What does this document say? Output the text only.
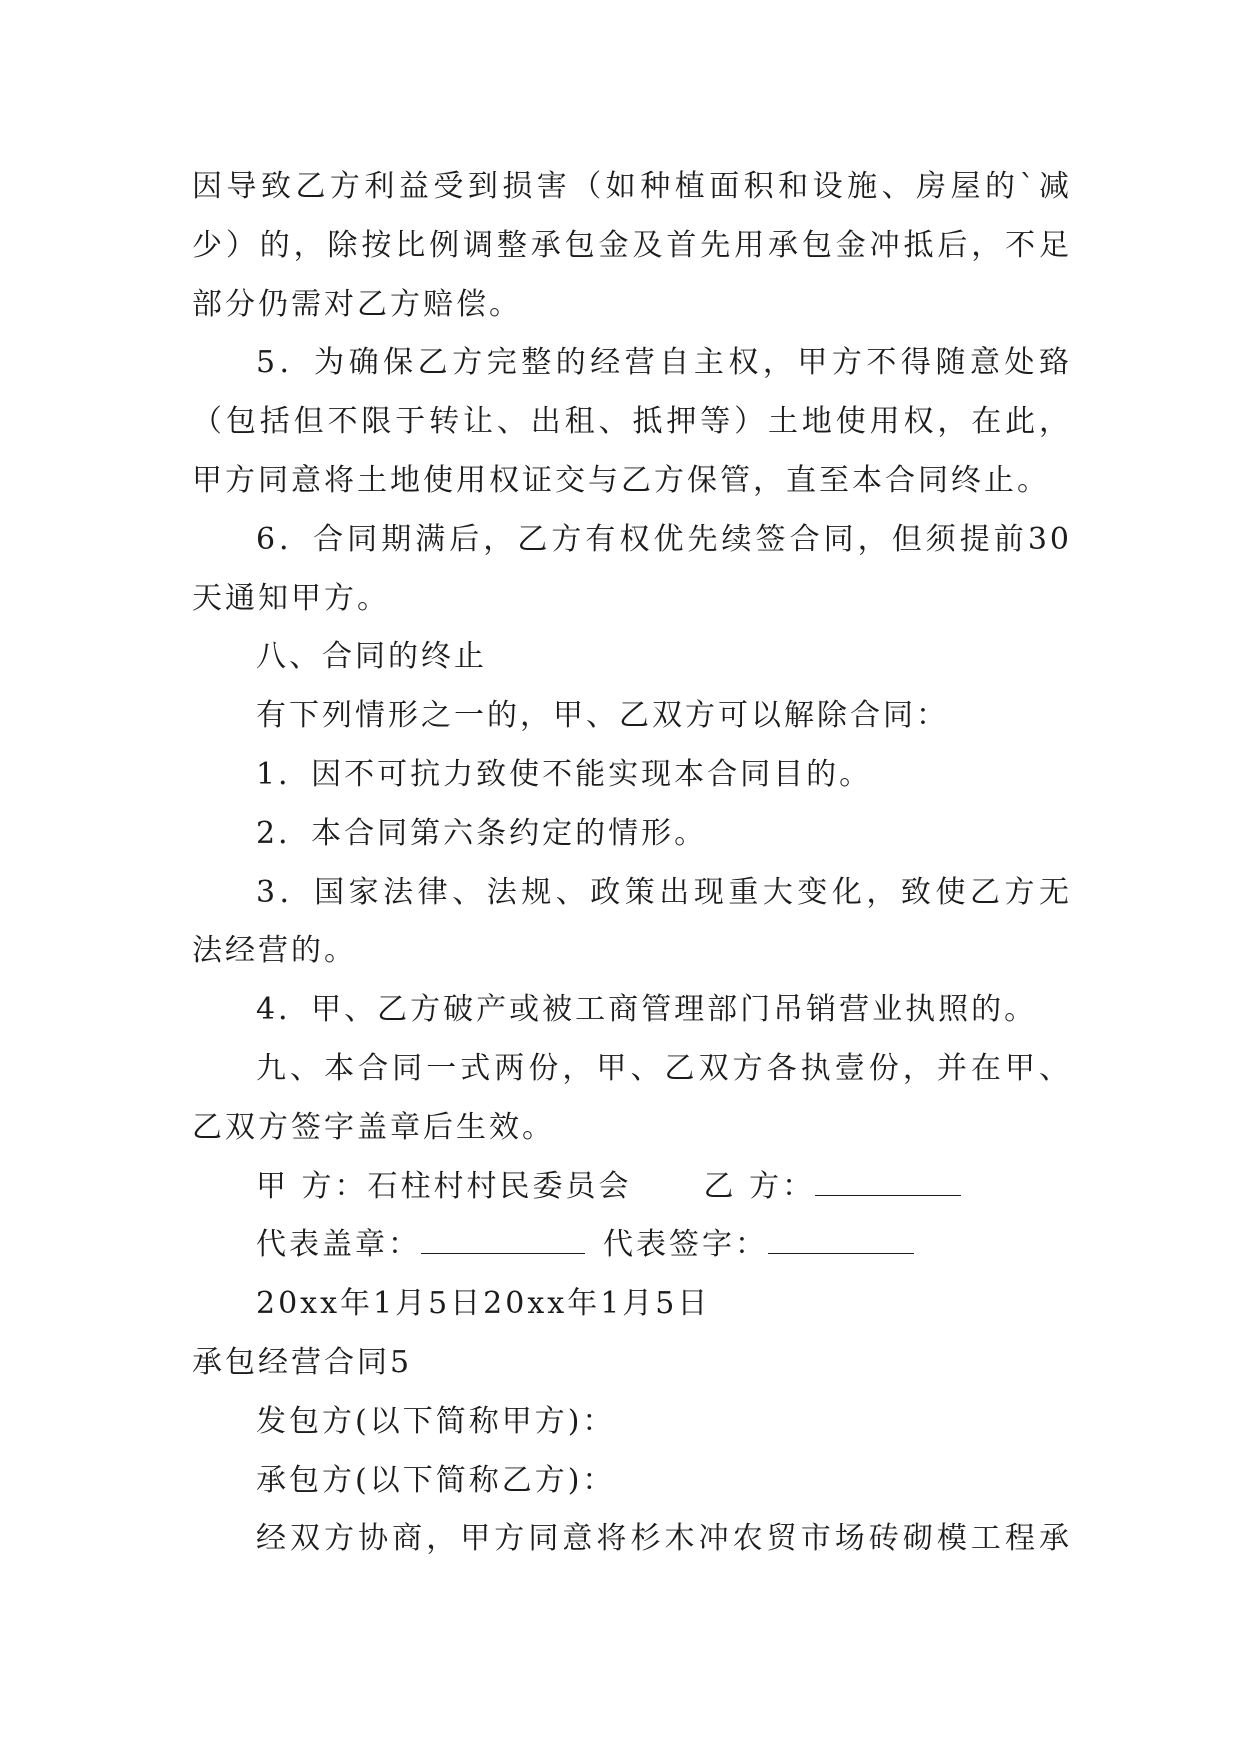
因导致乙方利益受到损害（如种植面积和设施、房屋的`减
少）的，除按比例调整承包金及首先用承包金冲抵后，不足
部分仍需对乙方赔偿。
5．为确保乙方完整的经营自主权，甲方不得随意处臵
（包括但不限于转让、出租、抵押等）土地使用权，在此，
甲方同意将土地使用权证交与乙方保管，直至本合同终止。
6．合同期满后，乙方有权优先续签合同，但须提前30
天通知甲方。
八、合同的终止
有下列情形之一的，甲、乙双方可以解除合同：
1．因不可抗力致使不能实现本合同目的。
2．本合同第六条约定的情形。
3．国家法律、法规、政策出现重大变化，致使乙方无
法经营的。
4．甲、乙方破产或被工商管理部门吊销营业执照的。
九、本合同一式两份，甲、乙双方各执壹份，并在甲、
乙双方签字盖章后生效。
甲 方：石柱村村民委员会 乙 方：
代表盖章：	代表签字：
20xx年1月5日20xx年1月5日
承包经营合同5
发包方(以下简称甲方)：
承包方(以下简称乙方)：
经双方协商，甲方同意将杉木冲农贸市场砖砌模工程承
